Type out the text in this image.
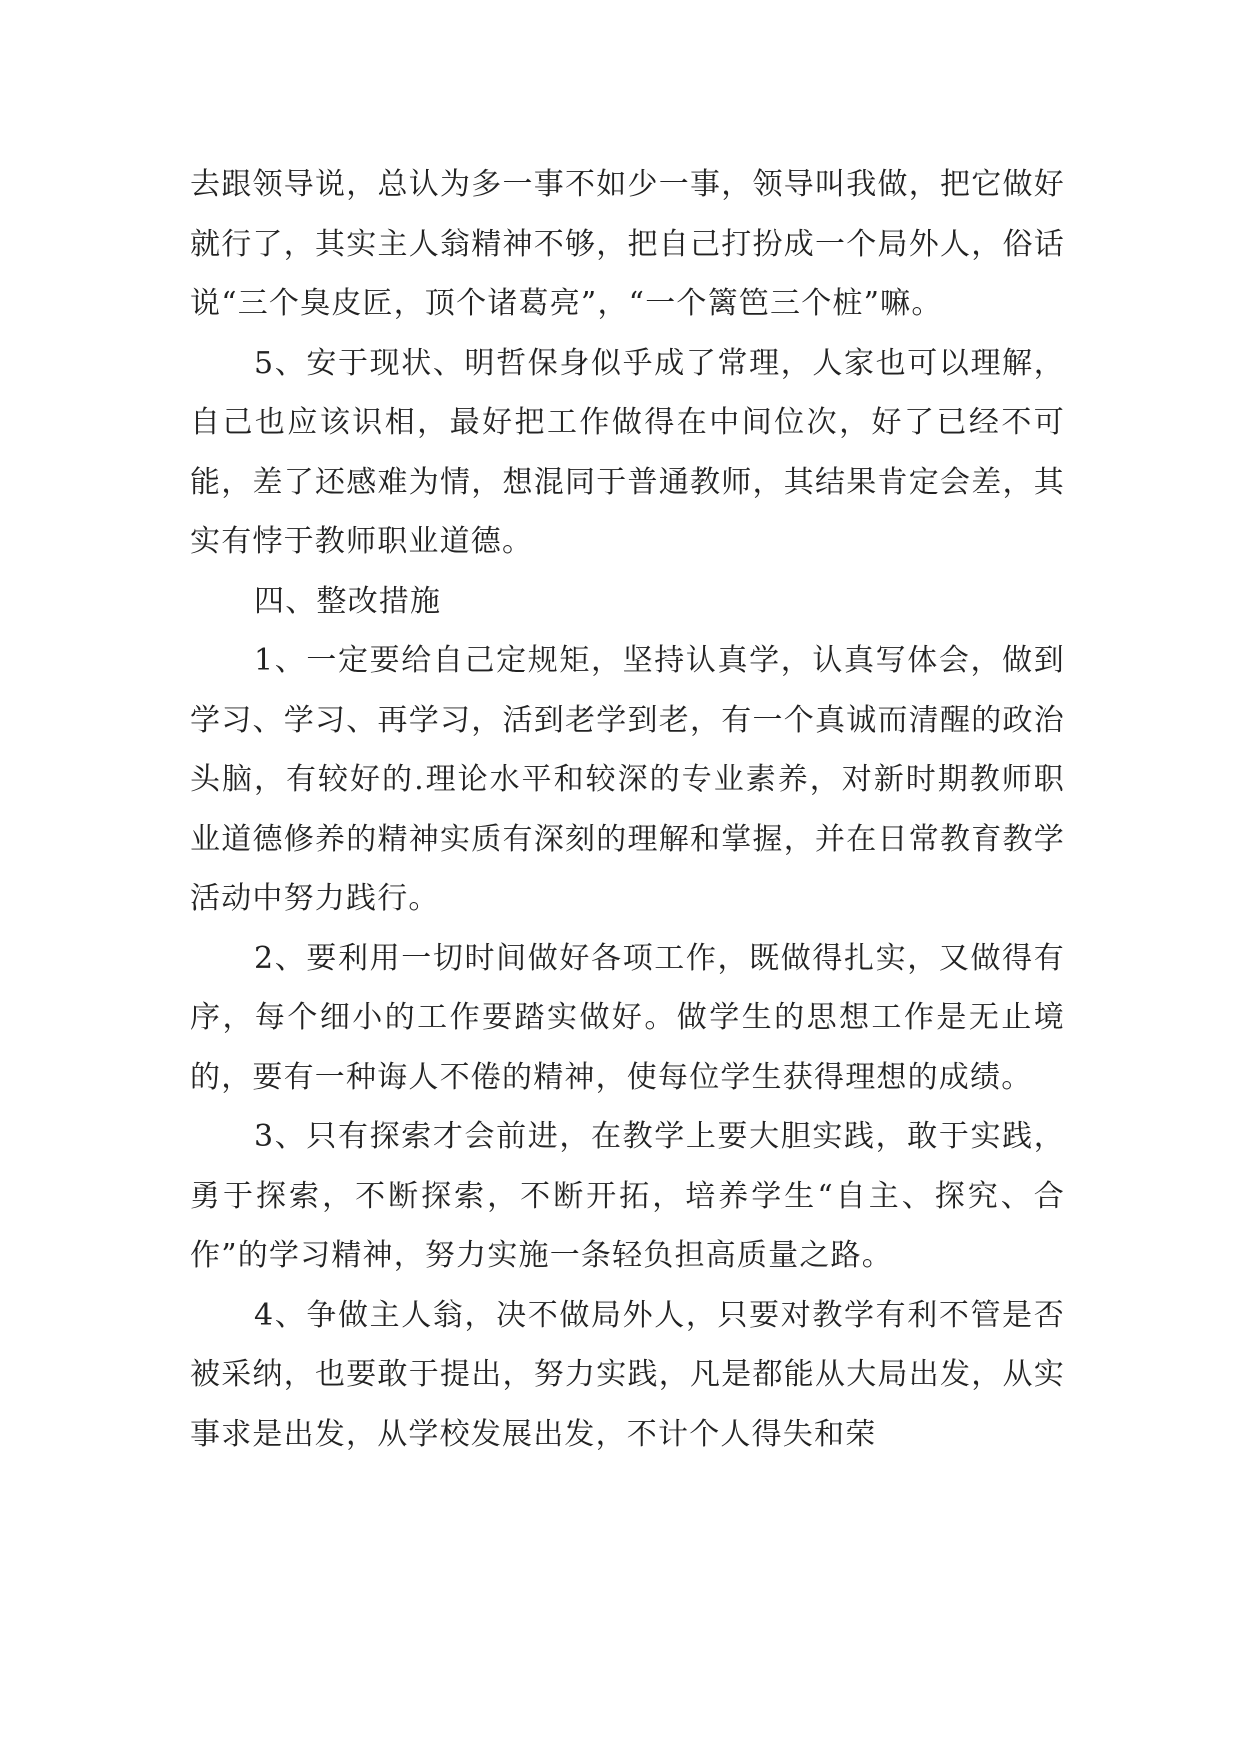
去跟领导说，总认为多一事不如少一事，领导叫我做，把它做好就行了，其实主人翁精神不够，把自己打扮成一个局外人，俗话说“三个臭皮匠，顶个诸葛亮”，“一个篱笆三个桩”嘛。

5、安于现状、明哲保身似乎成了常理，人家也可以理解，自己也应该识相，最好把工作做得在中间位次，好了已经不可能，差了还感难为情，想混同于普通教师，其结果肯定会差，其实有悖于教师职业道德。

四、整改措施

1、一定要给自己定规矩，坚持认真学，认真写体会，做到学习、学习、再学习，活到老学到老，有一个真诚而清醒的政治头脑，有较好的.理论水平和较深的专业素养，对新时期教师职业道德修养的精神实质有深刻的理解和掌握，并在日常教育教学活动中努力践行。

2、要利用一切时间做好各项工作，既做得扎实，又做得有序，每个细小的工作要踏实做好。做学生的思想工作是无止境的，要有一种诲人不倦的精神，使每位学生获得理想的成绩。

3、只有探索才会前进，在教学上要大胆实践，敢于实践，勇于探索，不断探索，不断开拓，培养学生“自主、探究、合作”的学习精神，努力实施一条轻负担高质量之路。

4、争做主人翁，决不做局外人，只要对教学有利不管是否被采纳，也要敢于提出，努力实践，凡是都能从大局出发，从实事求是出发，从学校发展出发，不计个人得失和荣
